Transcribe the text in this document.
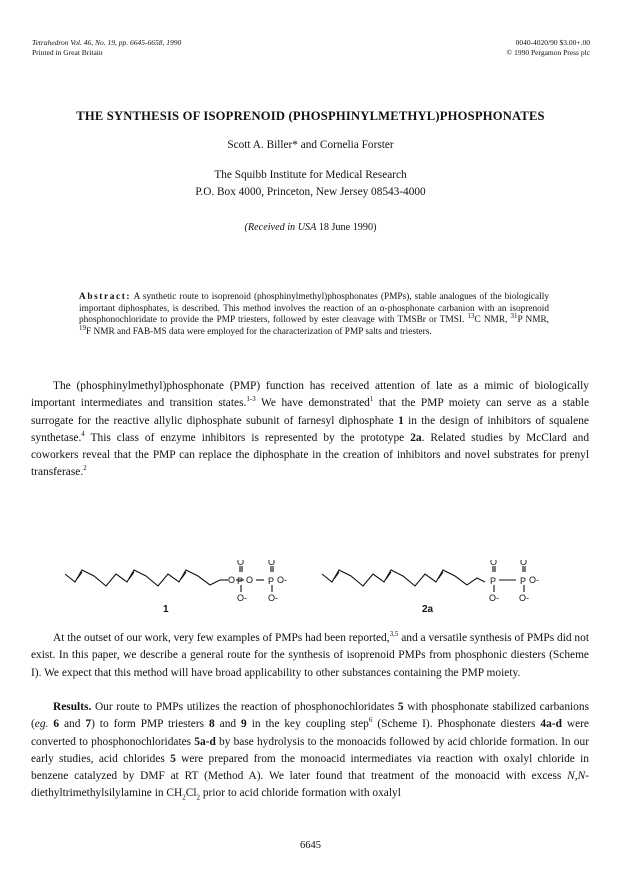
Tetrahedron Vol. 46, No. 19, pp. 6645-6658, 1990
Printed in Great Britain
0040-4020/90 $3.00+.00
© 1990 Pergamon Press plc
THE SYNTHESIS OF ISOPRENOID (PHOSPHINYLMETHYL)PHOSPHONATES
Scott A. Biller* and Cornelia Forster
The Squibb Institute for Medical Research
P.O. Box 4000, Princeton, New Jersey 08543-4000
(Received in USA 18 June 1990)
Abstract: A synthetic route to isoprenoid (phosphinylmethyl)phosphonates (PMPs), stable analogues of the biologically important diphosphates, is described. This method involves the reaction of an α-phosphonate carbanion with an isoprenoid phosphonochloridate to provide the PMP triesters, followed by ester cleavage with TMSBr or TMSI. $^{13}$C NMR, $^{31}$P NMR, $^{19}$F NMR and FAB-MS data were employed for the characterization of PMP salts and triesters.

The (phosphinylmethyl)phosphonate (PMP) function has received attention of late as a mimic of biologically important intermediates and transition states.$^{1-3}$ We have demonstrated$^1$ that the PMP moiety can serve as a stable surrogate for the reactive allylic diphosphate subunit of farnesyl diphosphate 1 in the design of inhibitors of squalene synthetase.$^4$ This class of enzyme inhibitors is represented by the prototype 2a. Related studies by McClard and coworkers reveal that the PMP can replace the diphosphate in the creation of inhibitors and novel substrates for prenyl transferase.$^2$

O P
O
O-
O P
O
O-
O-
1
P
O
O-
P
O
O-
O-
2a

At the outset of our work, very few examples of PMPs had been reported,$^{3,5}$ and a versatile synthesis of PMPs did not exist. In this paper, we describe a general route for the synthesis of isoprenoid PMPs from phosphonic diesters (Scheme I). We expect that this method will have broad applicability to other substances containing the PMP moiety.

Results. Our route to PMPs utilizes the reaction of phosphonochloridates 5 with phosphonate stabilized carbanions (eg. 6 and 7) to form PMP triesters 8 and 9 in the key coupling step$^6$ (Scheme I). Phosphonate diesters 4a-d were converted to phosphonochloridates 5a-d by base hydrolysis to the monoacids followed by acid chloride formation. In our early studies, acid chlorides 5 were prepared from the monoacid intermediates via reaction with oxalyl chloride in benzene catalyzed by DMF at RT (Method A). We later found that treatment of the monoacid with excess N,N-diethyltrimethylsilylamine in $CH_2Cl_2$ prior to acid chloride formation with oxalyl

6645
